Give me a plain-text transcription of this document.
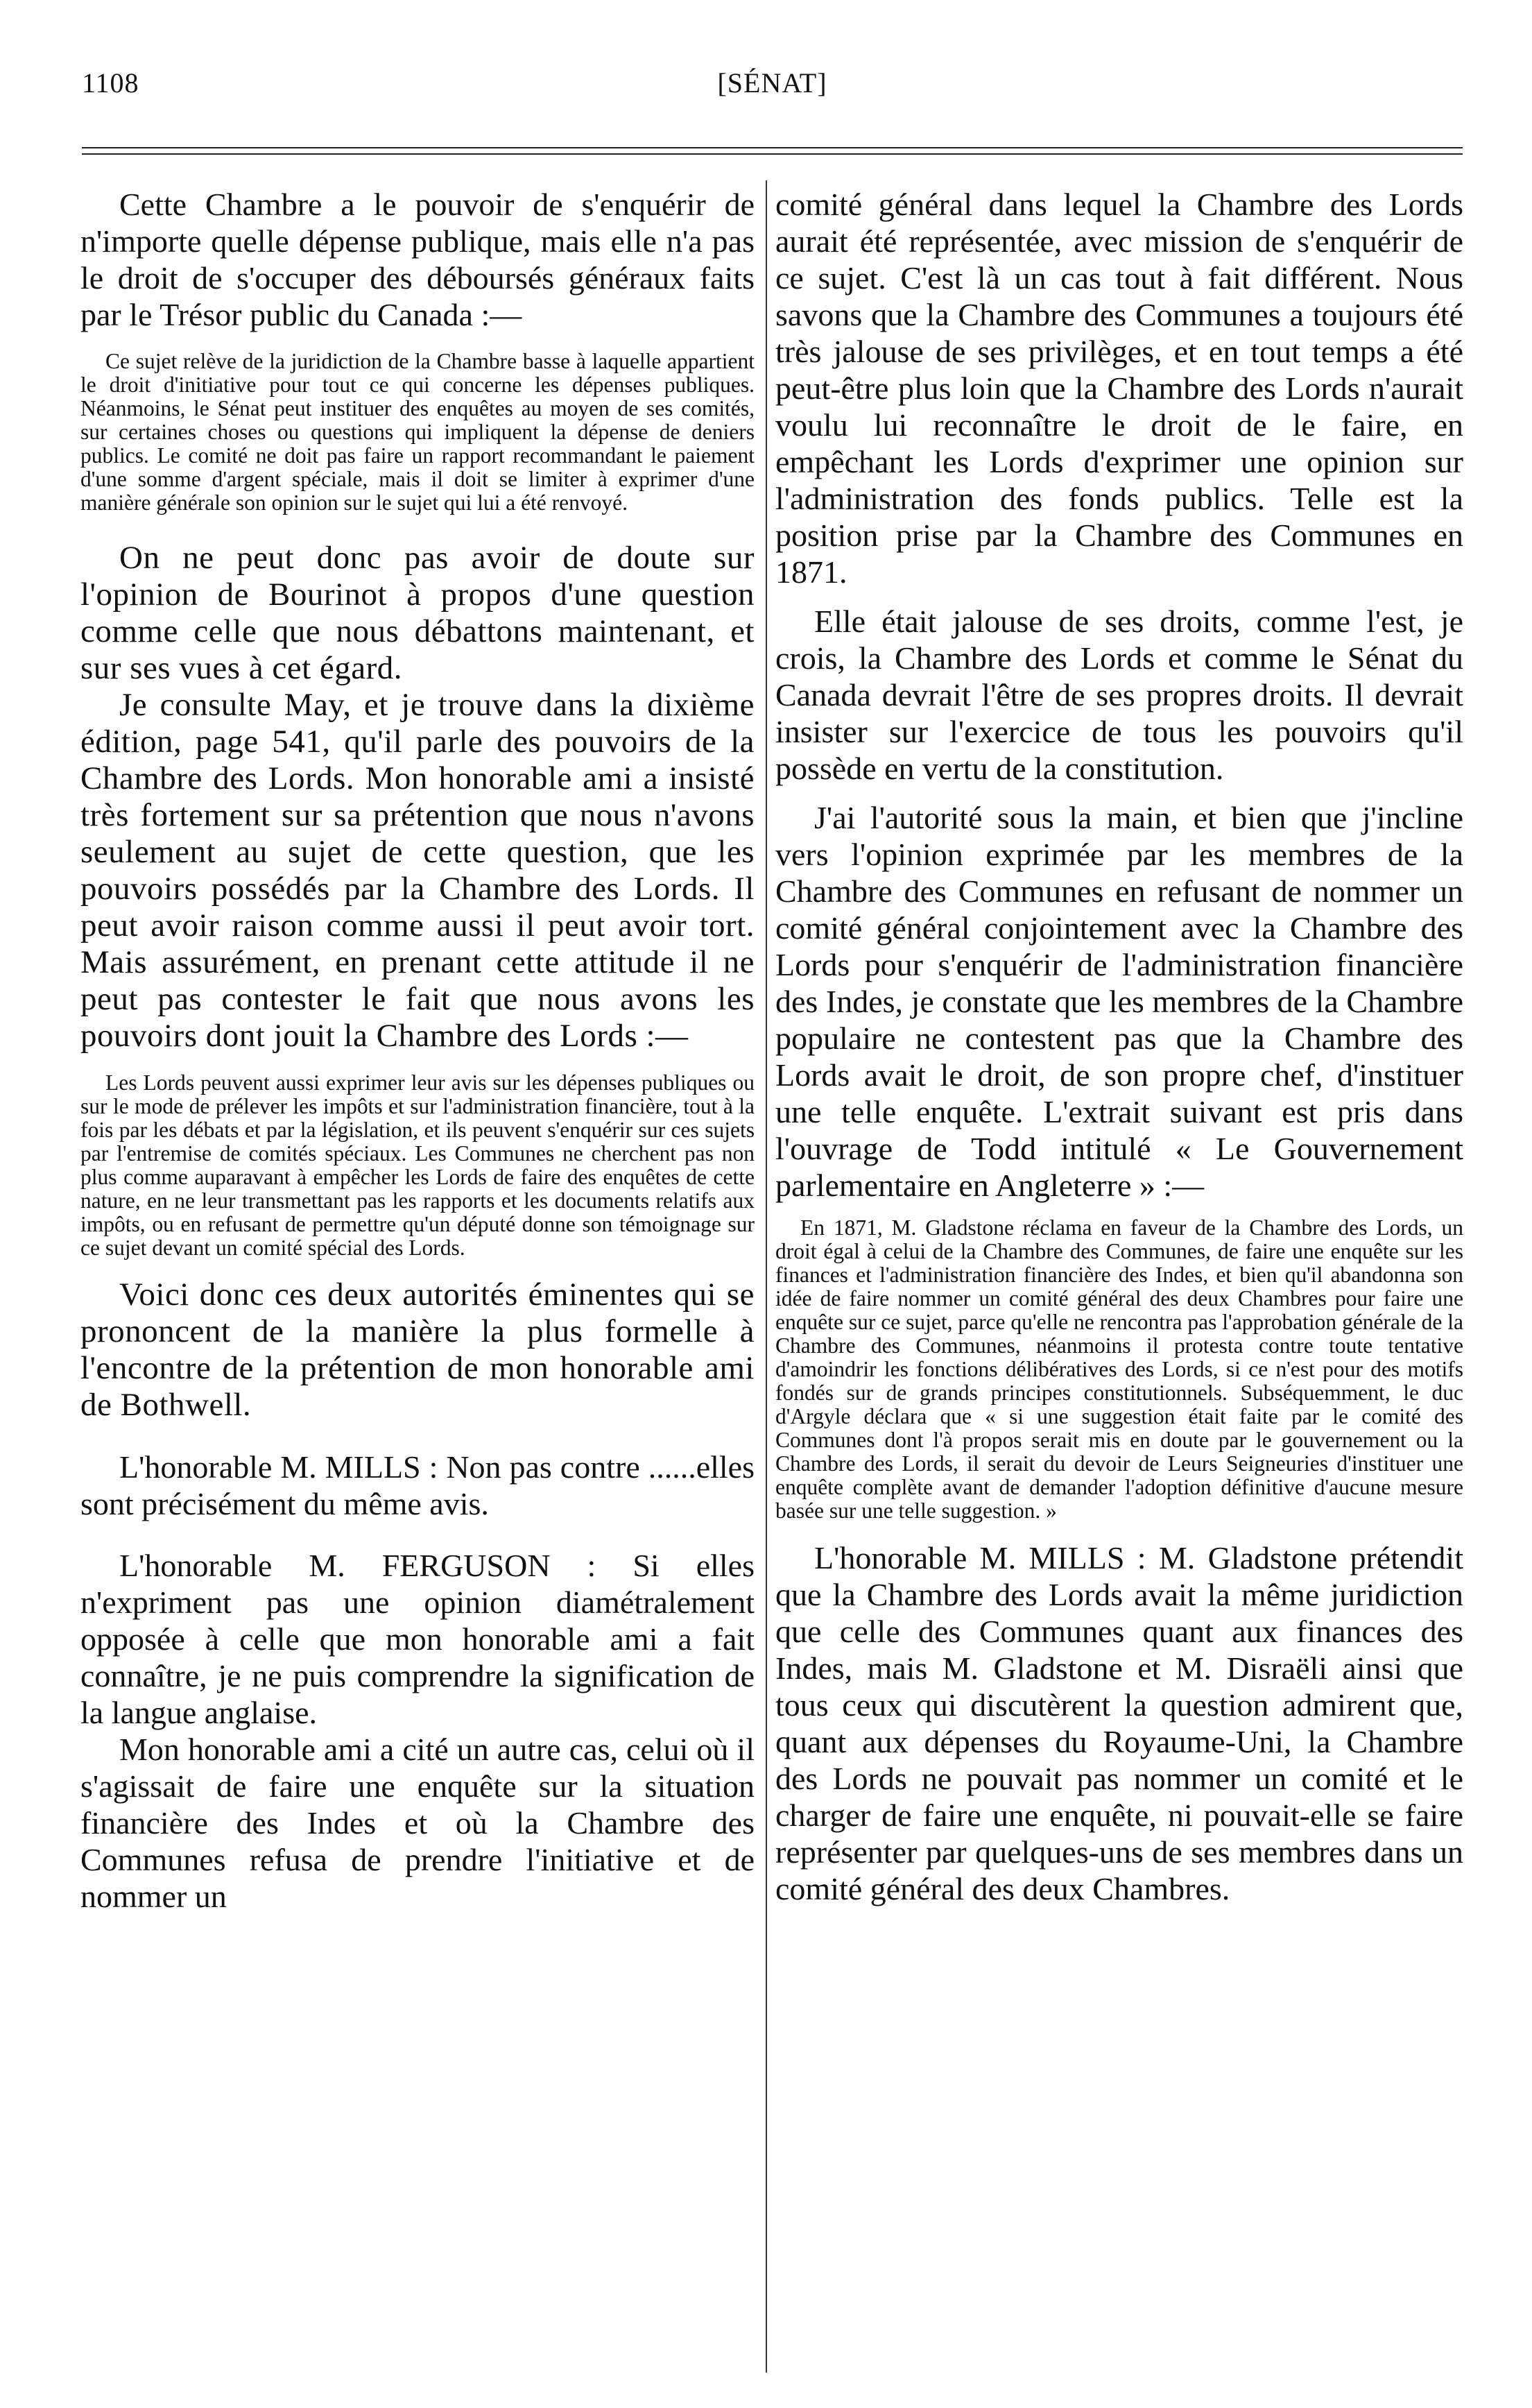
1108	[SÉNAT]

Cette Chambre a le pouvoir de s'enquérir de n'importe quelle dépense publique, mais elle n'a pas le droit de s'occuper des déboursés généraux faits par le Trésor public du Canada :—

Ce sujet relève de la juridiction de la Chambre basse à laquelle appartient le droit d'initiative pour tout ce qui concerne les dépenses publiques. Néanmoins, le Sénat peut instituer des enquêtes au moyen de ses comités, sur certaines choses ou questions qui impliquent la dépense de deniers publics. Le comité ne doit pas faire un rapport recommandant le paiement d'une somme d'argent spéciale, mais il doit se limiter à exprimer d'une manière générale son opinion sur le sujet qui lui a été renvoyé.

On ne peut donc pas avoir de doute sur l'opinion de Bourinot à propos d'une question comme celle que nous débattons maintenant, et sur ses vues à cet égard.

Je consulte May, et je trouve dans la dixième édition, page 541, qu'il parle des pouvoirs de la Chambre des Lords. Mon honorable ami a insisté très fortement sur sa prétention que nous n'avons seulement au sujet de cette question, que les pouvoirs possédés par la Chambre des Lords. Il peut avoir raison comme aussi il peut avoir tort. Mais assurément, en prenant cette attitude il ne peut pas contester le fait que nous avons les pouvoirs dont jouit la Chambre des Lords :—

Les Lords peuvent aussi exprimer leur avis sur les dépenses publiques ou sur le mode de prélever les impôts et sur l'administration financière, tout à la fois par les débats et par la législation, et ils peuvent s'enquérir sur ces sujets par l'entremise de comités spéciaux. Les Communes ne cherchent pas non plus comme auparavant à empêcher les Lords de faire des enquêtes de cette nature, en ne leur transmettant pas les rapports et les documents relatifs aux impôts, ou en refusant de permettre qu'un député donne son témoignage sur ce sujet devant un comité spécial des Lords.

Voici donc ces deux autorités éminentes qui se prononcent de la manière la plus formelle à l'encontre de la prétention de mon honorable ami de Bothwell.

L'honorable M. MILLS : Non pas contre ......elles sont précisément du même avis.

L'honorable M. FERGUSON : Si elles n'expriment pas une opinion diamétralement opposée à celle que mon honorable ami a fait connaître, je ne puis comprendre la signification de la langue anglaise.

Mon honorable ami a cité un autre cas, celui où il s'agissait de faire une enquête sur la situation financière des Indes et où la Chambre des Communes refusa de prendre l'initiative et de nommer un

comité général dans lequel la Chambre des Lords aurait été représentée, avec mission de s'enquérir de ce sujet. C'est là un cas tout à fait différent. Nous savons que la Chambre des Communes a toujours été très jalouse de ses privilèges, et en tout temps a été peut-être plus loin que la Chambre des Lords n'aurait voulu lui reconnaître le droit de le faire, en empêchant les Lords d'exprimer une opinion sur l'administration des fonds publics. Telle est la position prise par la Chambre des Communes en 1871.

Elle était jalouse de ses droits, comme l'est, je crois, la Chambre des Lords et comme le Sénat du Canada devrait l'être de ses propres droits. Il devrait insister sur l'exercice de tous les pouvoirs qu'il possède en vertu de la constitution.

J'ai l'autorité sous la main, et bien que j'incline vers l'opinion exprimée par les membres de la Chambre des Communes en refusant de nommer un comité général conjointement avec la Chambre des Lords pour s'enquérir de l'administration financière des Indes, je constate que les membres de la Chambre populaire ne contestent pas que la Chambre des Lords avait le droit, de son propre chef, d'instituer une telle enquête. L'extrait suivant est pris dans l'ouvrage de Todd intitulé « Le Gouvernement parlementaire en Angleterre » :—

En 1871, M. Gladstone réclama en faveur de la Chambre des Lords, un droit égal à celui de la Chambre des Communes, de faire une enquête sur les finances et l'administration financière des Indes, et bien qu'il abandonna son idée de faire nommer un comité général des deux Chambres pour faire une enquête sur ce sujet, parce qu'elle ne rencontra pas l'approbation générale de la Chambre des Communes, néanmoins il protesta contre toute tentative d'amoindrir les fonctions délibératives des Lords, si ce n'est pour des motifs fondés sur de grands principes constitutionnels. Subséquemment, le duc d'Argyle déclara que « si une suggestion était faite par le comité des Communes dont l'à propos serait mis en doute par le gouvernement ou la Chambre des Lords, il serait du devoir de Leurs Seigneuries d'instituer une enquête complète avant de demander l'adoption définitive d'aucune mesure basée sur une telle suggestion. »

L'honorable M. MILLS : M. Gladstone prétendit que la Chambre des Lords avait la même juridiction que celle des Communes quant aux finances des Indes, mais M. Gladstone et M. Disraëli ainsi que tous ceux qui discutèrent la question admirent que, quant aux dépenses du Royaume-Uni, la Chambre des Lords ne pouvait pas nommer un comité et le charger de faire une enquête, ni pouvait-elle se faire représenter par quelques-uns de ses membres dans un comité général des deux Chambres.
